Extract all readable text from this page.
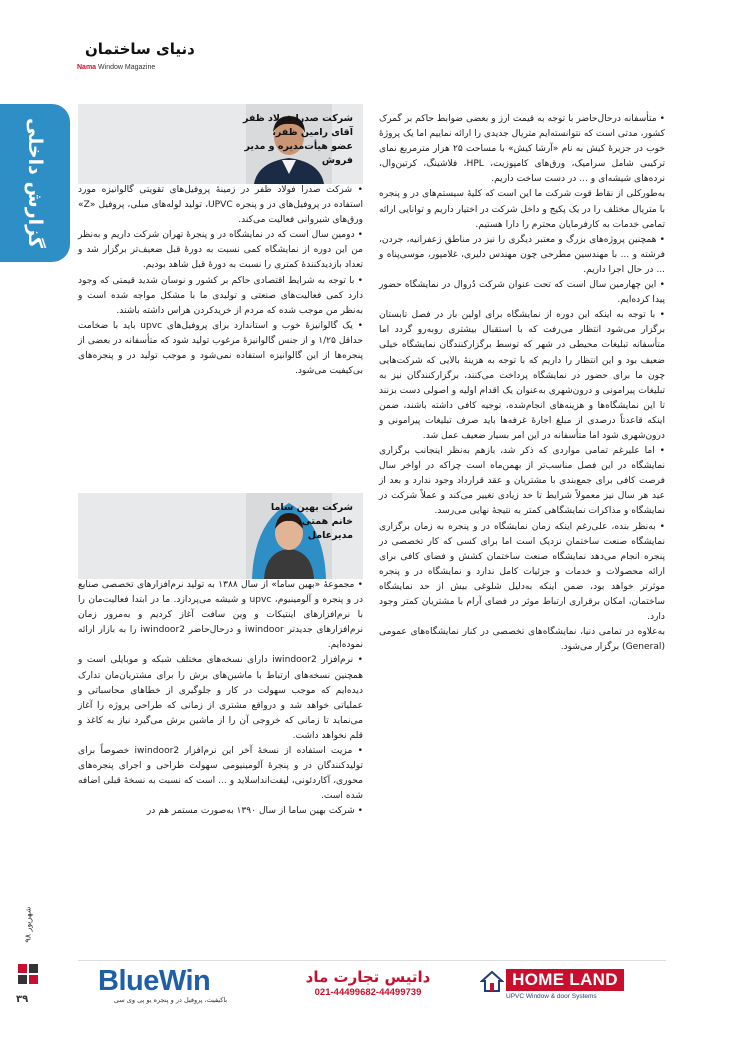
دنیای ساختمان
Nama Window Magazine
گزارش داخلی
شهریور ۹۸
۳۹
شرکت صدرا فولاد ظفر
آقای رامین ظفر،
عضو هیأت‌مدیره و مدیر فروش
شرکت بهین ساما
خانم همتی،
مدیرعامل

• متأسفانه درحال‌حاضر با توجه به قیمت ارز و بعضی ضوابط حاکم بر گمرک کشور، مدتی است که نتوانسته‌ایم متریال جدیدی را ارائه نماییم اما یک پروژۀ خوب در جزیرۀ کیش به نام «آرشا کیش» با مساحت ۲۵ هزار مترمربع نمای ترکیبی شامل سرامیک، ورق‌های کامپوزیت، HPL، فلاشینگ، کرتین‌وال، نرده‌های شیشه‌ای و ... در دست ساخت داریم.

به‌طورکلی از نقاط قوت شرکت ما این است که کلیۀ سیستم‌های در و پنجره با متریال مختلف را در یک پکیج و داخل شرکت در اختیار داریم و توانایی ارائه تمامی خدمات به کارفرمایان محترم را دارا هستیم.

• همچنین پروژه‌های بزرگ و معتبر دیگری را نیز در مناطق زعفرانیه، جردن، فرشته و ... با مهندسین مطرحی چون مهندس دلیری، غلامپور، موسی‌پناه و ... در حال اجرا داریم.

• این چهارمین سال است که تحت عنوان شرکت دُروال در نمایشگاه حضور پیدا کرده‌ایم.

• با توجه به اینکه این دوره از نمایشگاه برای اولین بار در فصل تابستان برگزار می‌شود انتظار می‌رفت که با استقبال بیشتری روبه‌رو گردد اما متأسفانه تبلیغات محیطی در شهر که توسط برگزارکنندگان نمایشگاه خیلی ضعیف بود و این انتظار را داریم که با توجه به هزینۀ بالایی که شرکت‌هایی چون ما برای حضور در نمایشگاه پرداخت می‌کنند، برگزارکنندگان نیز به تبلیغات پیرامونی و درون‌شهری به‌عنوان یک اقدام اولیه و اصولی دست بزنند تا این نمایشگاه‌ها و هزینه‌های انجام‌شده، توجیه کافی داشته باشند، ضمن اینکه قاعدتاً درصدی از مبلغ اجارۀ غرفه‌ها باید صرف تبلیغات پیرامونی و درون‌شهری شود اما متأسفانه در این امر بسیار ضعیف عمل شد.

• اما علیرغم تمامی مواردی که ذکر شد، بازهم به‌نظر اینجانب برگزاری نمایشگاه در این فصل مناسب‌تر از بهمن‌ماه است چراکه در اواخر سال فرصت کافی برای جمع‌بندی با مشتریان و عقد قرارداد وجود ندارد و بعد از عید هر سال نیز معمولاً شرایط تا حد زیادی تغییر می‌کند و عملاً شرکت در نمایشگاه و مذاکرات نمایشگاهی کمتر به نتیجۀ نهایی می‌رسد.

• به‌نظر بنده، علی‌رغم اینکه زمان نمایشگاه در و پنجره به زمان برگزاری نمایشگاه صنعت ساختمان نزدیک است اما برای کسی که کار تخصصی در پنجره انجام می‌دهد نمایشگاه صنعت ساختمان کشش و فضای کافی برای ارائه محصولات و خدمات و جزئیات کامل ندارد و نمایشگاه در و پنجره موثرتر خواهد بود، ضمن اینکه به‌دلیل شلوغی بیش از حد نمایشگاه ساختمان، امکان برقراری ارتباط موثر در فضای آرام با مشتریان کمتر وجود دارد.

به‌علاوه در تمامی دنیا، نمایشگاه‌های تخصصی در کنار نمایشگاه‌های عمومی (General) برگزار می‌شود.

• شرکت صدرا فولاد ظفر در زمینۀ پروفیل‌های تقویتی گالوانیزه مورد استفاده در پروفیل‌های در و پنجره UPVC، تولید لوله‌های مبلی، پروفیل «Z» ورق‌های شیروانی فعالیت می‌کند.

• دومین سال است که در نمایشگاه در و پنجرۀ تهران شرکت داریم و به‌نظر من این دوره از نمایشگاه کمی نسبت به دورۀ قبل ضعیف‌تر برگزار شد و تعداد بازدیدکنندۀ کمتری را نسبت به دورۀ قبل شاهد بودیم.

• با توجه به شرایط اقتصادی حاکم بر کشور و نوسان شدید قیمتی که وجود دارد کمی فعالیت‌های صنعتی و تولیدی ما با مشکل مواجه شده است و به‌نظر من موجب شده که مردم از خریدکردن هراس داشته باشند.

• یک گالوانیزۀ خوب و استاندارد برای پروفیل‌های upvc باید با ضخامت حداقل ۱/۲۵ و از جنس گالوانیزۀ مرغوب تولید شود که متأسفانه در بعضی از پنجره‌ها از این گالوانیزه استفاده نمی‌شود و موجب تولید در و پنجره‌های بی‌کیفیت می‌شود.

• مجموعۀ «بهین ساما» از سال ۱۳۸۸ به تولید نرم‌افزارهای تخصصی صنایع در و پنجره و آلومینیوم، upvc و شیشه می‌پردازد. ما در ابتدا فعالیت‌مان را با نرم‌افزارهای اینتیکات و وین سافت آغاز کردیم و به‌مرور زمان نرم‌افزارهای جدیدتر iwindoor و درحال‌حاضر iwindoor2 را به بازار ارائه نموده‌ایم.

• نرم‌افزار iwindoor2 دارای نسخه‌های مختلف شبکه و موبایلی است و همچنین نسخه‌های ارتباط با ماشین‌های برش را برای مشتریان‌مان تدارک دیده‌ایم که موجب سهولت در کار و جلوگیری از خطاهای محاسباتی و عملیاتی خواهد شد و درواقع مشتری از زمانی که طراحی پروژه را آغاز می‌نماید تا زمانی که خروجی آن را از ماشین برش می‌گیرد نیاز به کاغذ و قلم نخواهد داشت.

• مزیت استفاده از نسخۀ آخر این نرم‌افزار iwindoor2 خصوصاً برای تولیدکنندگان در و پنجرۀ آلومینیومی سهولت طراحی و اجرای پنجره‌های محوری، آکاردئونی، لیفت‌اند‌اسلاید و ... است که نسبت به نسخۀ قبلی اضافه شده است.

• شرکت بهین ساما از سال ۱۳۹۰ به‌صورت مستمر هم در

BlueWin
باکیفیت، پروفیل در و پنجره یو پی وی سی
داتیس تجارت ماد
021-44499682-44499739
HOME LAND
UPVC Window & door Systems
